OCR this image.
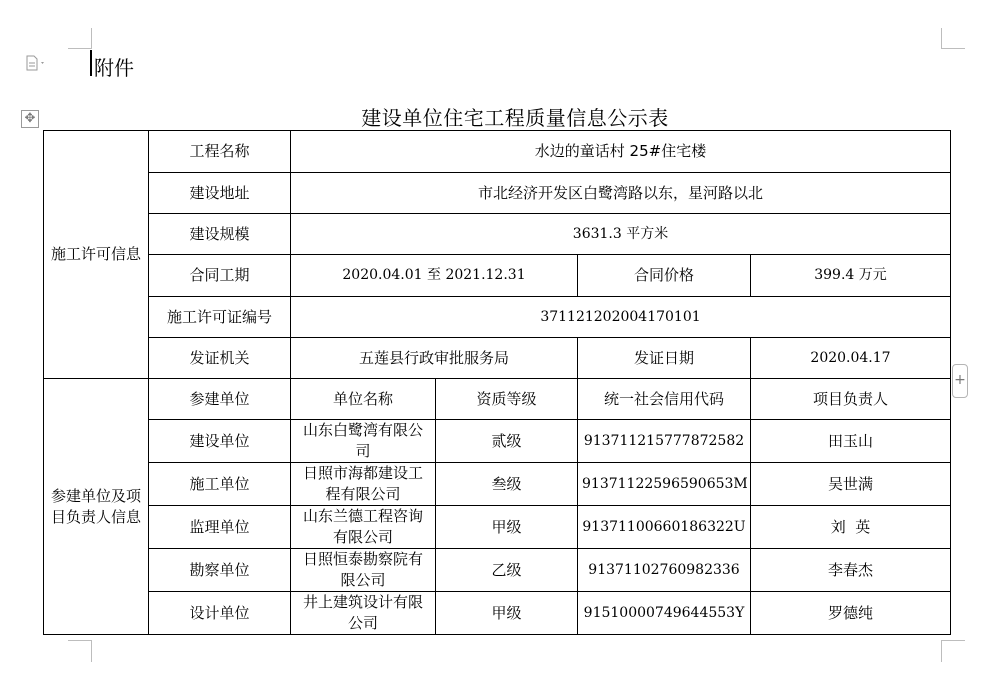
附件
✥
+
建设单位住宅工程质量信息公示表
施工许可信息	工程名称	水边的童话村 25#住宅楼			
	建设地址	市北经济开发区白鹭湾路以东，星河路以北			
	建设规模	3631.3 平方米			
	合同工期	2020.04.01 至 2021.12.31		合同价格	399.4 万元
	施工许可证编号	371121202004170101			
	发证机关	五莲县行政审批服务局		发证日期	2020.04.17
参建单位及项目负责人信息	参建单位	单位名称	资质等级	统一社会信用代码	项目负责人
	建设单位	山东白鹭湾有限公司	贰级	913711215777872582	田玉山
	施工单位	日照市海都建设工程有限公司	叁级	91371122596590653M	吴世满
	监理单位	山东兰德工程咨询有限公司	甲级	91371100660186322U	刘  英
	勘察单位	日照恒泰勘察院有限公司	乙级	91371102760982336	李春杰
	设计单位	井上建筑设计有限公司	甲级	91510000749644553Y	罗德纯
